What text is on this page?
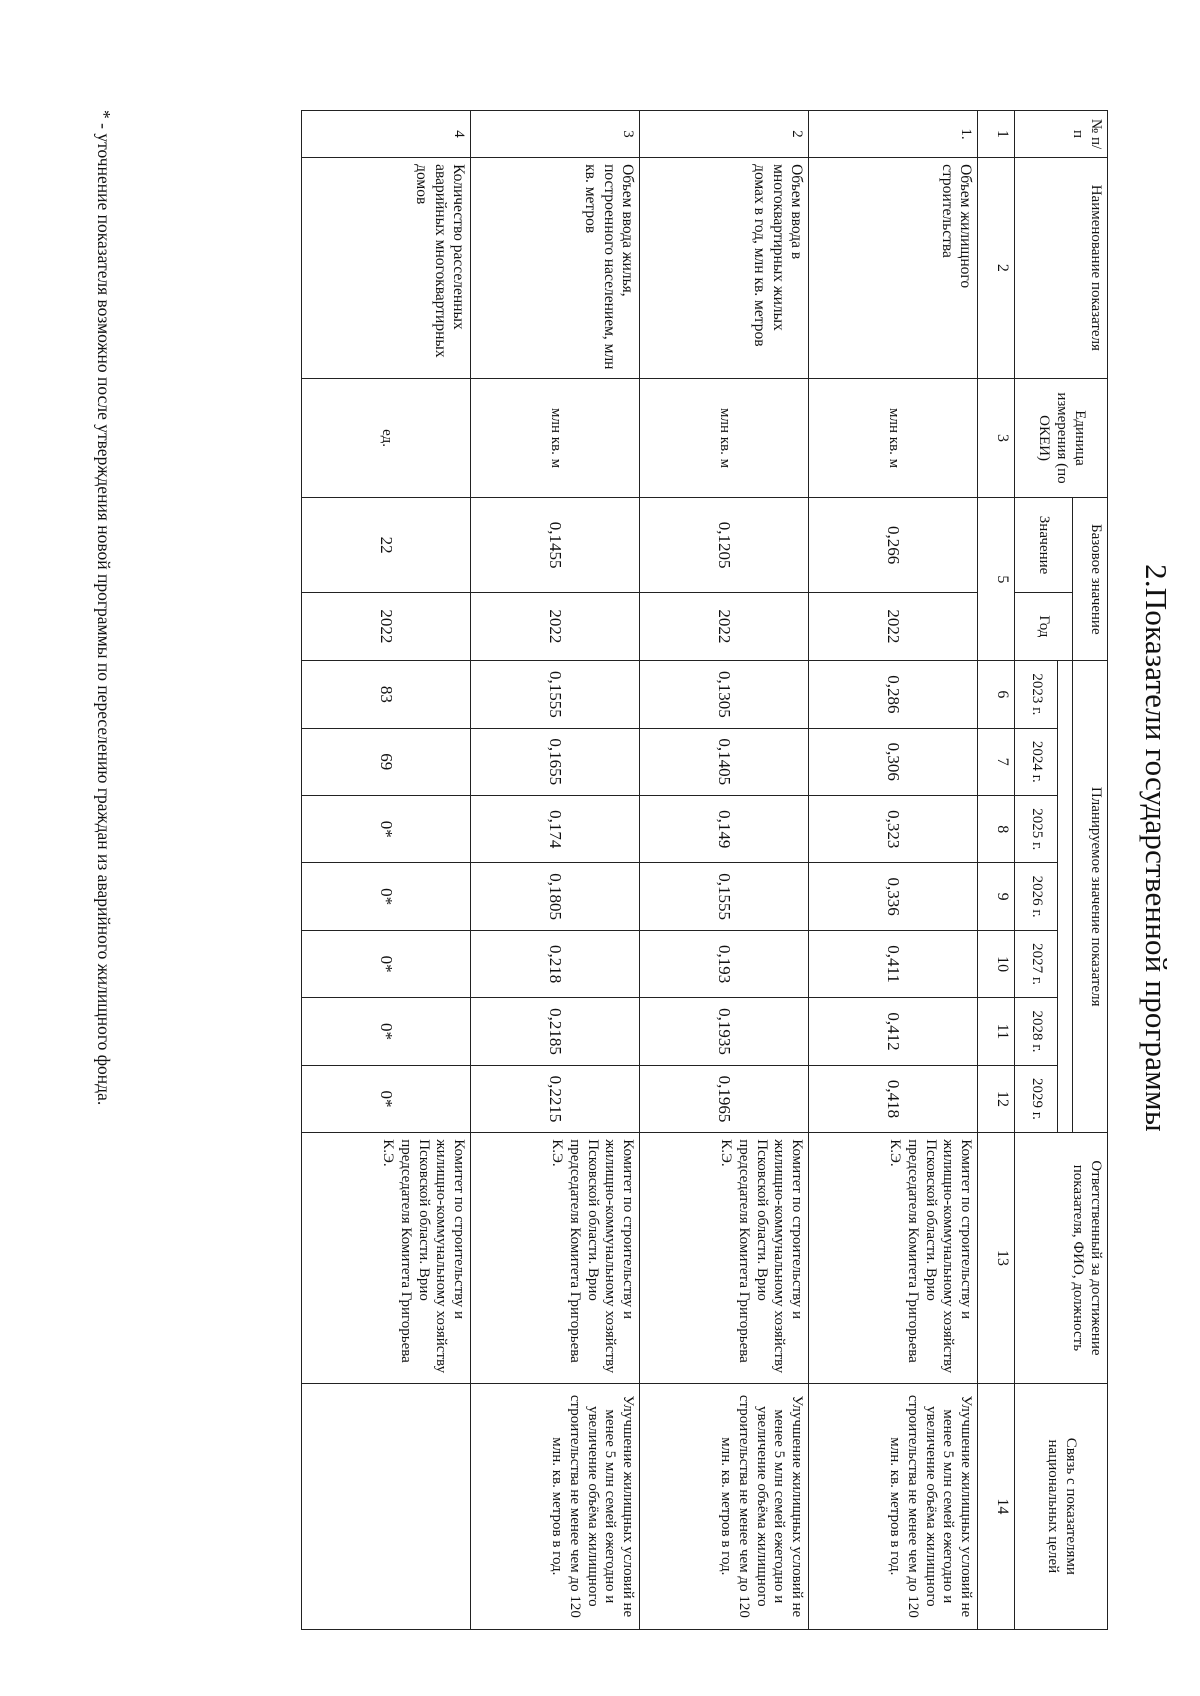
2.Показатели государственной программы
№ п/п	Наименование показателя	Единица измерения (по ОКЕИ)	Базовое значение		Планируемое значение показателя							Ответственный за достижение показателя, ФИО, должность	Связь с показателями национальных целей
			Значение	Год									
					2023 г.	2024 г.	2025 г.	2026 г.	2027 г.	2028 г.	2029 г.		
1	2	3	5		6	7	8	9	10	11	12	13	14
1.	Объем жилищного строительства	млн кв. м	0,266	2022	0,286	0,306	0,323	0,336	0,411	0,412	0,418	Комитет по строительству и жилищно-коммунальному хозяйству Псковской области. Врио председателя Комитета Григорьева К.Э.	Улучшение жилищных условий не менее 5 млн семей ежегодно и увеличение объёма жилищного строительства не менее чем до 120 млн. кв. метров в год.
2	Объем ввода в многоквартирных жилых домах в год, млн кв. метров	млн кв. м	0,1205	2022	0,1305	0,1405	0,149	0,1555	0,193	0,1935	0,1965	Комитет по строительству и жилищно-коммунальному хозяйству Псковской области. Врио председателя Комитета Григорьева К.Э.	Улучшение жилищных условий не менее 5 млн семей ежегодно и увеличение объёма жилищного строительства не менее чем до 120 млн. кв. метров в год.
3	Объем ввода жилья, построенного населением, млн кв. метров	млн кв. м	0,1455	2022	0,1555	0,1655	0,174	0,1805	0,218	0,2185	0,2215	Комитет по строительству и жилищно-коммунальному хозяйству Псковской области. Врио председателя Комитета Григорьева К.Э.	Улучшение жилищных условий не менее 5 млн семей ежегодно и увеличение объёма жилищного строительства не менее чем до 120 млн. кв. метров в год.
4	Количество расселенных аварийных многоквартирных домов	ед.	22	2022	83	69	0*	0*	0*	0*	0*	Комитет по строительству и жилищно-коммунальному хозяйству Псковской области. Врио председателя Комитета Григорьева К.Э.	
* - уточнение показателя возможно после утверждения новой программы по переселению граждан из аварийного жилищного фонда.
